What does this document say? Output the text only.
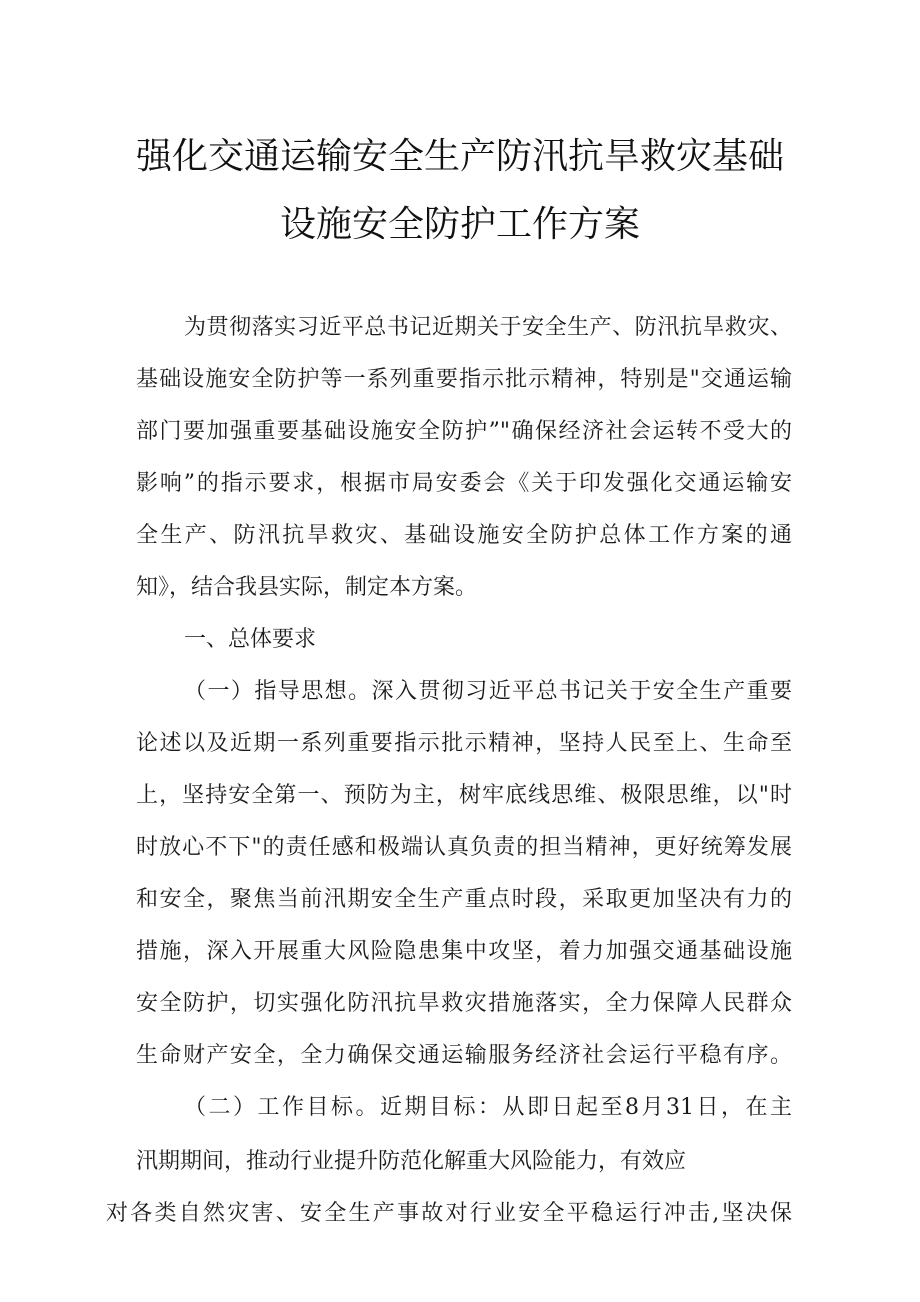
强化交通运输安全生产防汛抗旱救灾基础
设施安全防护工作方案
为贯彻落实习近平总书记近期关于安全生产、防汛抗旱救灾、
基础设施安全防护等一系列重要指示批示精神，特别是"交通运输
部门要加强重要基础设施安全防护”"确保经济社会运转不受大的
影响”的指示要求，根据市局安委会《关于印发强化交通运输安
全生产、防汛抗旱救灾、基础设施安全防护总体工作方案的通
知》，结合我县实际，制定本方案。
一、总体要求
（一）指导思想。深入贯彻习近平总书记关于安全生产重要
论述以及近期一系列重要指示批示精神，坚持人民至上、生命至
上，坚持安全第一、预防为主，树牢底线思维、极限思维，以"时
时放心不下"的责任感和极端认真负责的担当精神，更好统筹发展
和安全，聚焦当前汛期安全生产重点时段，采取更加坚决有力的
措施，深入开展重大风险隐患集中攻坚，着力加强交通基础设施
安全防护，切实强化防汛抗旱救灾措施落实，全力保障人民群众
生命财产安全，全力确保交通运输服务经济社会运行平稳有序。
（二）工作目标。近期目标：从即日起至8月31日，在主
汛期期间，推动行业提升防范化解重大风险能力，有效应
对各类自然灾害、安全生产事故对行业安全平稳运行冲击,坚决保
